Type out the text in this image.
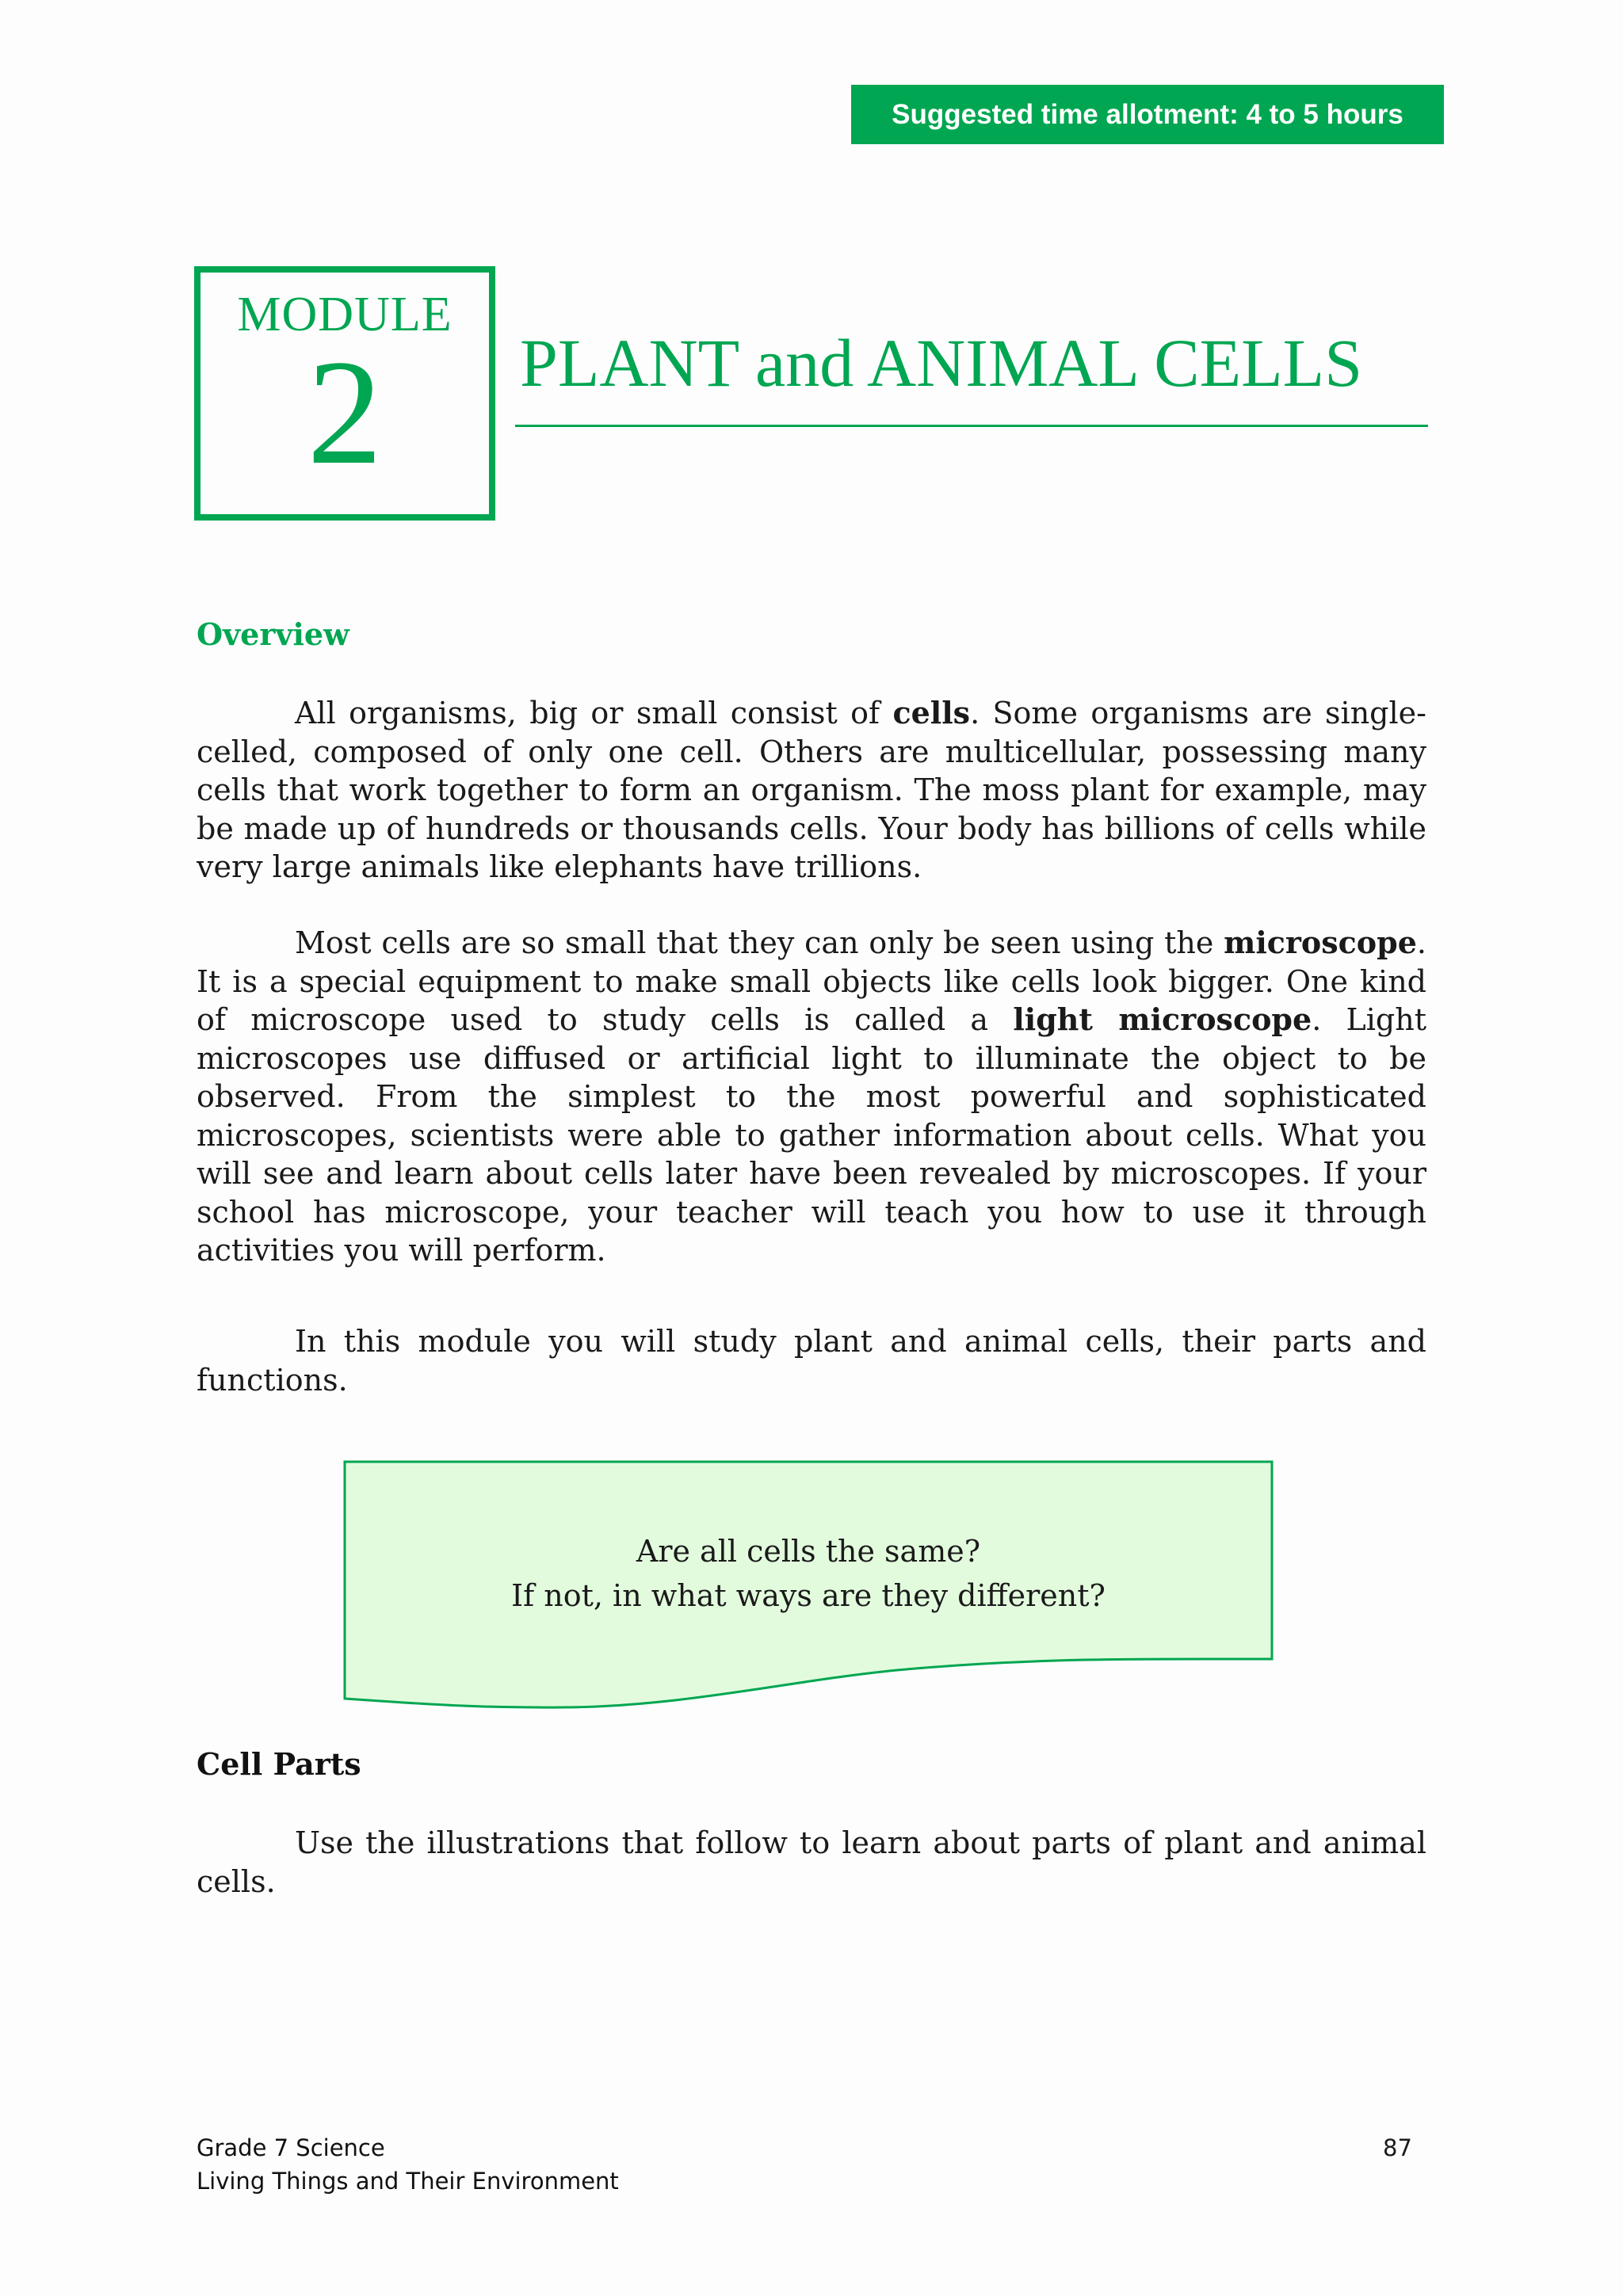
Suggested time allotment: 4 to 5 hours
MODULE
2	PLANT and ANIMAL CELLS
Overview

All organisms, big or small consist of cells. Some organisms are single-celled, composed of only one cell. Others are multicellular, possessing many cells that work together to form an organism. The moss plant for example, may be made up of hundreds or thousands cells. Your body has billions of cells while very large animals like elephants have trillions.

Most cells are so small that they can only be seen using the microscope. It is a special equipment to make small objects like cells look bigger. One kind of microscope used to study cells is called a light microscope. Light microscopes use diffused or artificial light to illuminate the object to be observed. From the simplest to the most powerful and sophisticated microscopes, scientists were able to gather information about cells. What you will see and learn about cells later have been revealed by microscopes. If your school has microscope, your teacher will teach you how to use it through activities you will perform.

In this module you will study plant and animal cells, their parts and functions.

Are all cells the same?
If not, in what ways are they different?
Cell Parts

Use the illustrations that follow to learn about parts of plant and animal cells.

Grade 7 Science
Living Things and Their Environment
87
